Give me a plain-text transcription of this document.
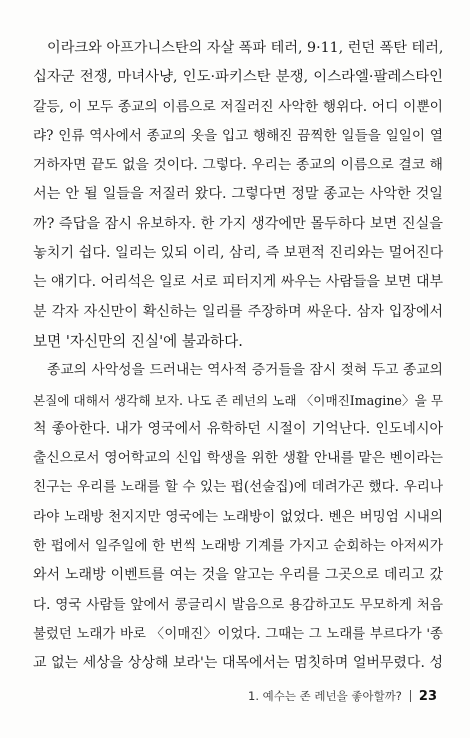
이라크와 아프가니스탄의 자살 폭파 테러, 9·11, 런던 폭탄 테러,
십자군 전쟁, 마녀사냥, 인도·파키스탄 분쟁, 이스라엘·팔레스타인
갈등, 이 모두 종교의 이름으로 저질러진 사악한 행위다. 어디 이뿐이
랴? 인류 역사에서 종교의 옷을 입고 행해진 끔찍한 일들을 일일이 열
거하자면 끝도 없을 것이다. 그렇다. 우리는 종교의 이름으로 결코 해
서는 안 될 일들을 저질러 왔다. 그렇다면 정말 종교는 사악한 것일
까? 즉답을 잠시 유보하자. 한 가지 생각에만 몰두하다 보면 진실을
놓치기 쉽다. 일리는 있되 이리, 삼리, 즉 보편적 진리와는 멀어진다
는 얘기다. 어리석은 일로 서로 피터지게 싸우는 사람들을 보면 대부
분 각자 자신만이 확신하는 일리를 주장하며 싸운다. 삼자 입장에서
보면 '자신만의 진실'에 불과하다.
종교의 사악성을 드러내는 역사적 증거들을 잠시 젖혀 두고 종교의
본질에 대해서 생각해 보자. 나도 존 레넌의 노래 〈이매진Imagine〉을 무
척 좋아한다. 내가 영국에서 유학하던 시절이 기억난다. 인도네시아
출신으로서 영어학교의 신입 학생을 위한 생활 안내를 맡은 벤이라는
친구는 우리를 노래를 할 수 있는 펍(선술집)에 데려가곤 했다. 우리나
라야 노래방 천지지만 영국에는 노래방이 없었다. 벤은 버밍엄 시내의
한 펍에서 일주일에 한 번씩 노래방 기계를 가지고 순회하는 아저씨가
와서 노래방 이벤트를 여는 것을 알고는 우리를 그곳으로 데리고 갔
다. 영국 사람들 앞에서 콩글리시 발음으로 용감하고도 무모하게 처음
불렀던 노래가 바로 〈이매진〉이었다. 그때는 그 노래를 부르다가 '종
교 없는 세상을 상상해 보라'는 대목에서는 멈칫하며 얼버무렸다. 성
1. 예수는 존 레넌을 좋아할까? 23
